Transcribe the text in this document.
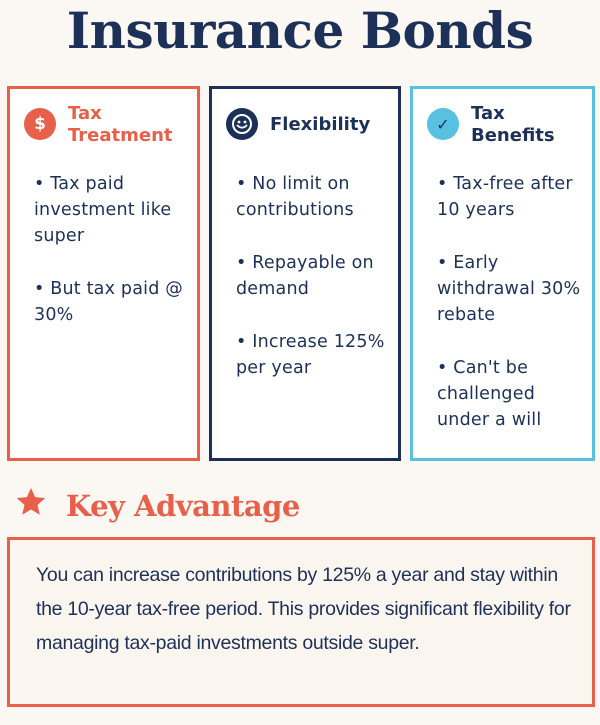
Insurance Bonds
$ Tax
Treatment
• Tax paid investment like super
• But tax paid @ 30%
Flexibility
• No limit on contributions
• Repayable on demand
• Increase 125% per year
✓ Tax
Benefits
• Tax-free after 10 years
• Early withdrawal 30% rebate
• Can't be challenged under a will
Key Advantage
You can increase contributions by 125% a year and stay within the 10-year tax-free period. This provides significant flexibility for managing tax-paid investments outside super.
